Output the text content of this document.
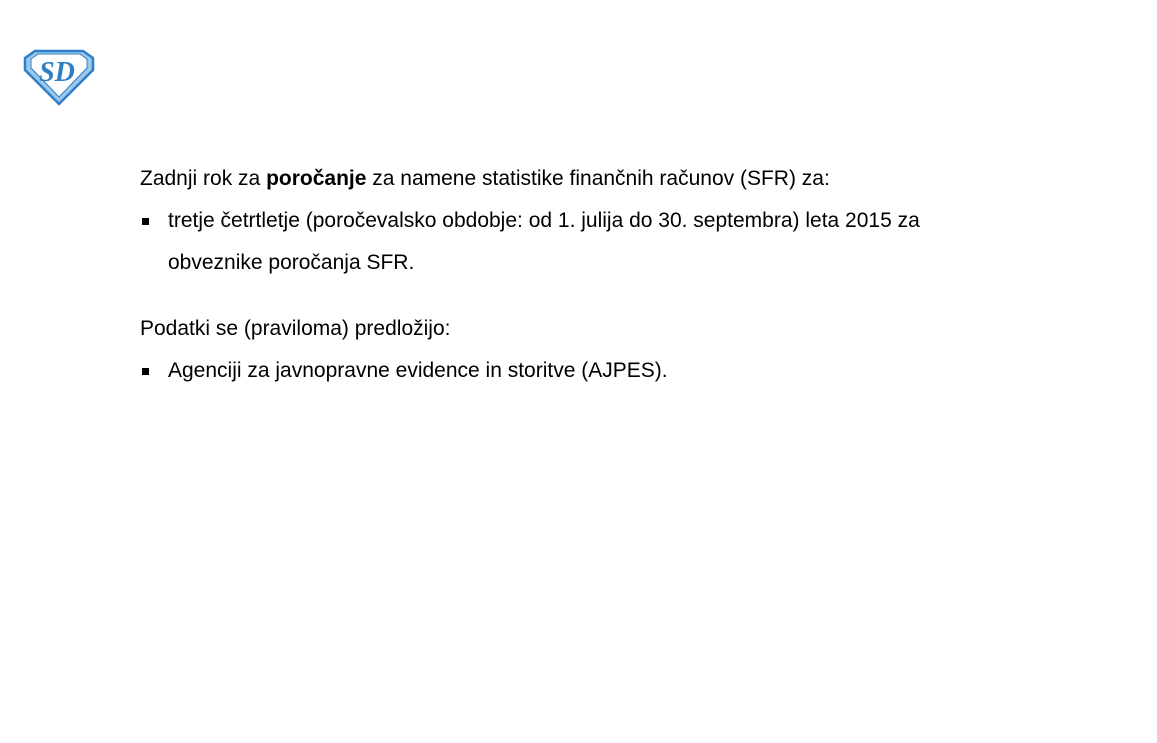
SD
Zadnji rok za poročanje za namene statistike finančnih računov (SFR) za:
tretje četrtletje (poročevalsko obdobje: od 1. julija do 30. septembra) leta 2015 za
obveznike poročanja SFR.
Podatki se (praviloma) predložijo:
Agenciji za javnopravne evidence in storitve (AJPES).
